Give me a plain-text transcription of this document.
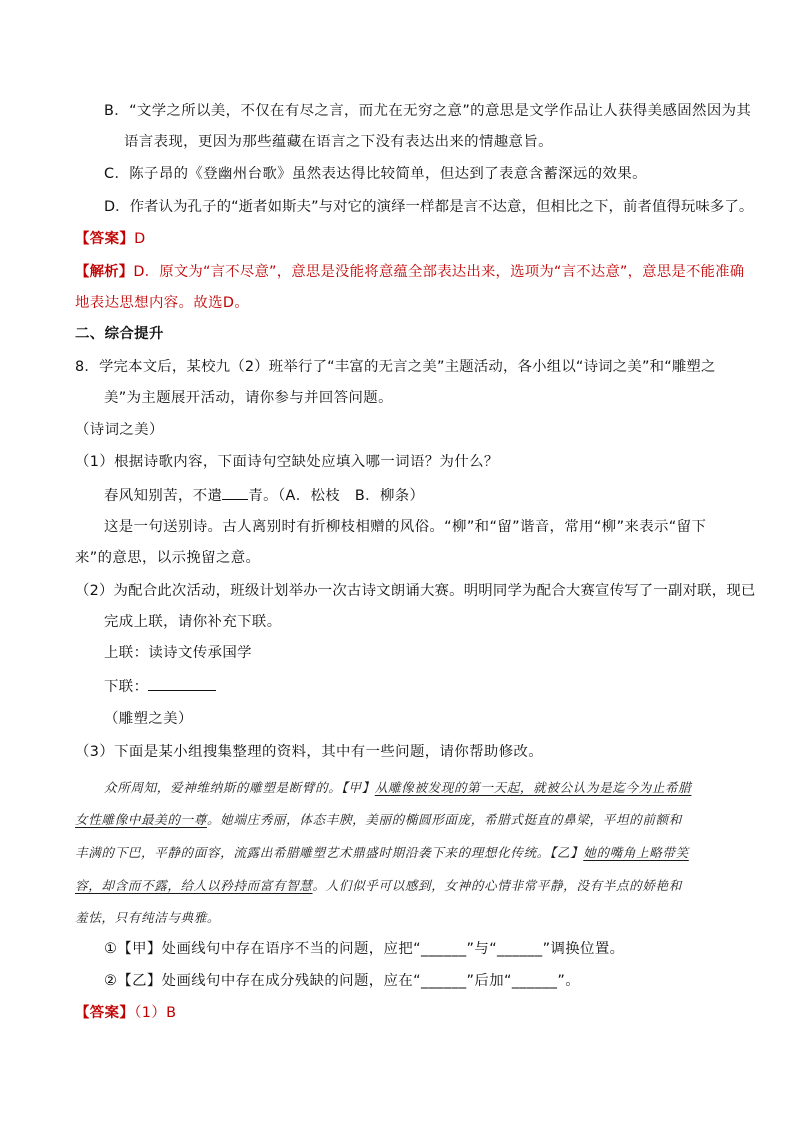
B．“文学之所以美，不仅在有尽之言，而尤在无穷之意”的意思是文学作品让人获得美感固然因为其
语言表现，更因为那些蕴藏在语言之下没有表达出来的情趣意旨。
C．陈子昂的《登幽州台歌》虽然表达得比较简单，但达到了表意含蓄深远的效果。
D．作者认为孔子的“逝者如斯夫”与对它的演绎一样都是言不达意，但相比之下，前者值得玩味多了。
【答案】D
【解析】D．原文为“言不尽意”，意思是没能将意蕴全部表达出来，选项为“言不达意”，意思是不能准确
地表达思想内容。故选D。
二、综合提升
8．学完本文后，某校九（2）班举行了“丰富的无言之美”主题活动，各小组以“诗词之美”和“雕塑之
美”为主题展开活动，请你参与并回答问题。
（诗词之美）
（1）根据诗歌内容，下面诗句空缺处应填入哪一词语？为什么？
春风知别苦，不遣 青。（A．松枝　B．柳条）
这是一句送别诗。古人离别时有折柳枝相赠的风俗。“柳”和“留”谐音，常用“柳”来表示“留下
来”的意思，以示挽留之意。
（2）为配合此次活动，班级计划举办一次古诗文朗诵大赛。明明同学为配合大赛宣传写了一副对联，现已
完成上联，请你补充下联。
上联：读诗文传承国学
下联：
（雕塑之美）
（3）下面是某小组搜集整理的资料，其中有一些问题，请你帮助修改。
众所周知，爱神维纳斯的雕塑是断臂的。【甲】从雕像被发现的第一天起，就被公认为是迄今为止希腊
女性雕像中最美的一尊。她端庄秀丽，体态丰腴，美丽的椭圆形面庞，希腊式挺直的鼻梁，平坦的前额和
丰满的下巴，平静的面容，流露出希腊雕塑艺术鼎盛时期沿袭下来的理想化传统。【乙】她的嘴角上略带笑
容，却含而不露，给人以矜持而富有智慧。人们似乎可以感到，女神的心情非常平静，没有半点的娇艳和
羞怯，只有纯洁与典雅。
①【甲】处画线句中存在语序不当的问题，应把“______”与“______”调换位置。
②【乙】处画线句中存在成分残缺的问题，应在“______”后加“______”。
【答案】（1）B
